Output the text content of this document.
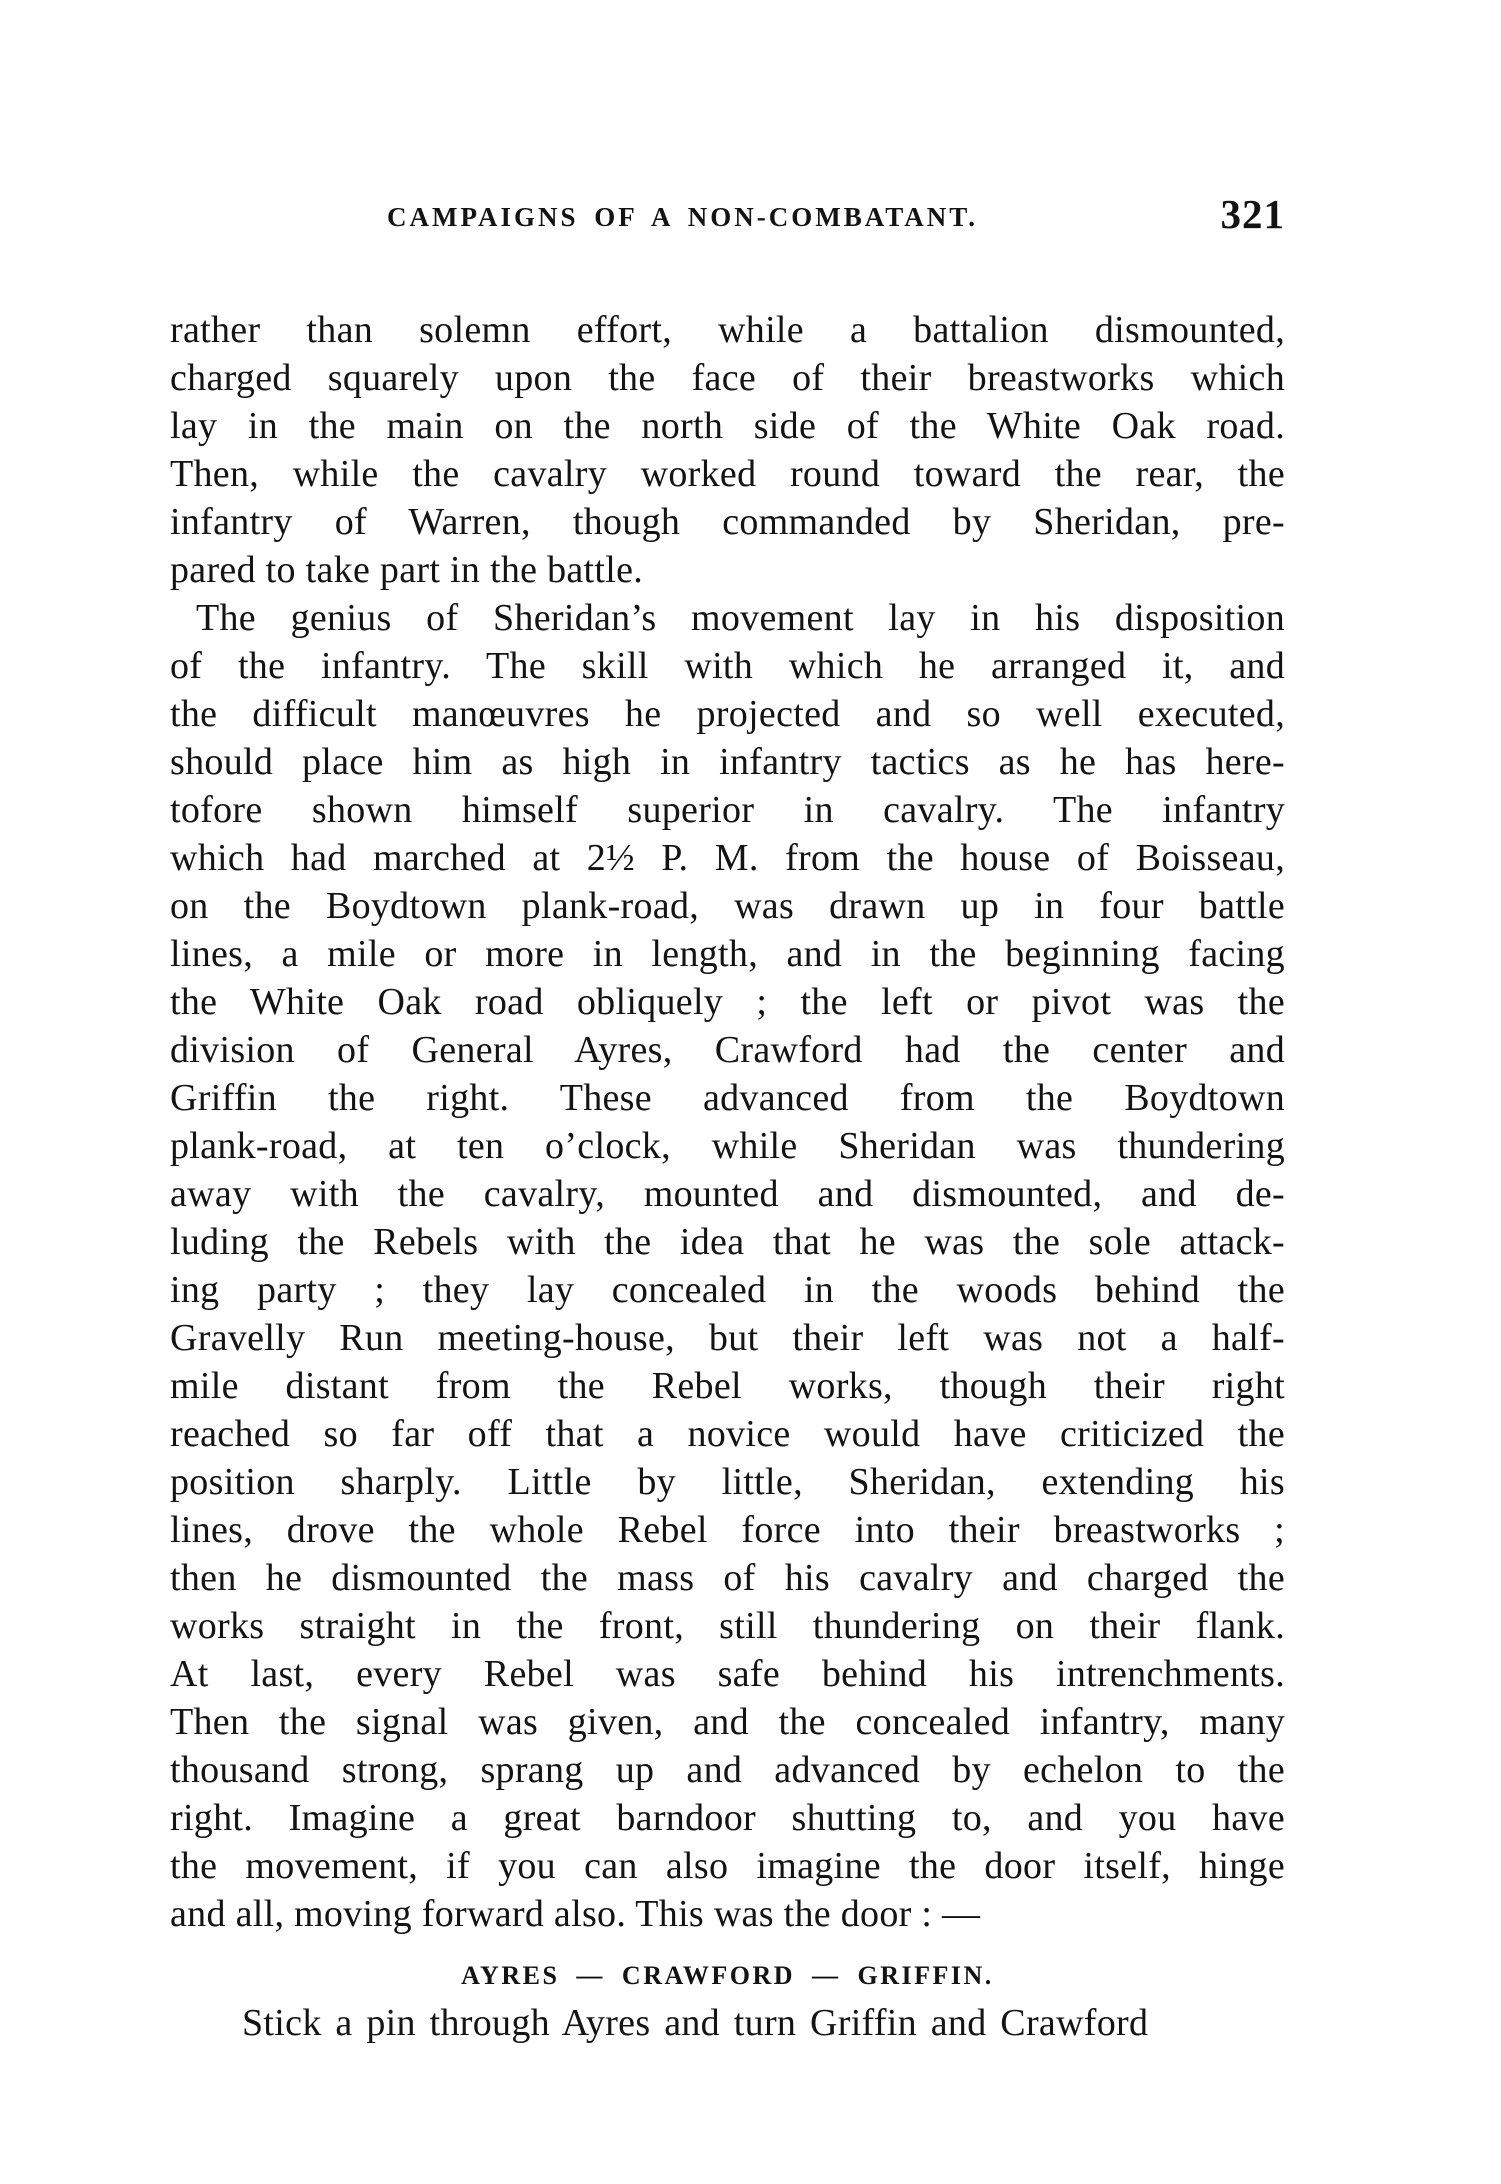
CAMPAIGNS OF A NON-COMBATANT.	321
rather than solemn effort, while a battalion dismounted,
charged squarely upon the face of their breastworks which
lay in the main on the north side of the White Oak road.
Then, while the cavalry worked round toward the rear, the
infantry of Warren, though commanded by Sheridan, pre-
pared to take part in the battle.
The genius of Sheridan’s movement lay in his disposition
of the infantry. The skill with which he arranged it, and
the difficult manœuvres he projected and so well executed,
should place him as high in infantry tactics as he has here-
tofore shown himself superior in cavalry. The infantry
which had marched at 2½ P. M. from the house of Boisseau,
on the Boydtown plank-road, was drawn up in four battle
lines, a mile or more in length, and in the beginning facing
the White Oak road obliquely ; the left or pivot was the
division of General Ayres, Crawford had the center and
Griffin the right. These advanced from the Boydtown
plank-road, at ten o’clock, while Sheridan was thundering
away with the cavalry, mounted and dismounted, and de-
luding the Rebels with the idea that he was the sole attack-
ing party ; they lay concealed in the woods behind the
Gravelly Run meeting-house, but their left was not a half-
mile distant from the Rebel works, though their right
reached so far off that a novice would have criticized the
position sharply. Little by little, Sheridan, extending his
lines, drove the whole Rebel force into their breastworks ;
then he dismounted the mass of his cavalry and charged the
works straight in the front, still thundering on their flank.
At last, every Rebel was safe behind his intrenchments.
Then the signal was given, and the concealed infantry, many
thousand strong, sprang up and advanced by echelon to the
right. Imagine a great barndoor shutting to, and you have
the movement, if you can also imagine the door itself, hinge
and all, moving forward also. This was the door : —
AYRES — CRAWFORD — GRIFFIN.
Stick a pin through Ayres and turn Griffin and Crawford
